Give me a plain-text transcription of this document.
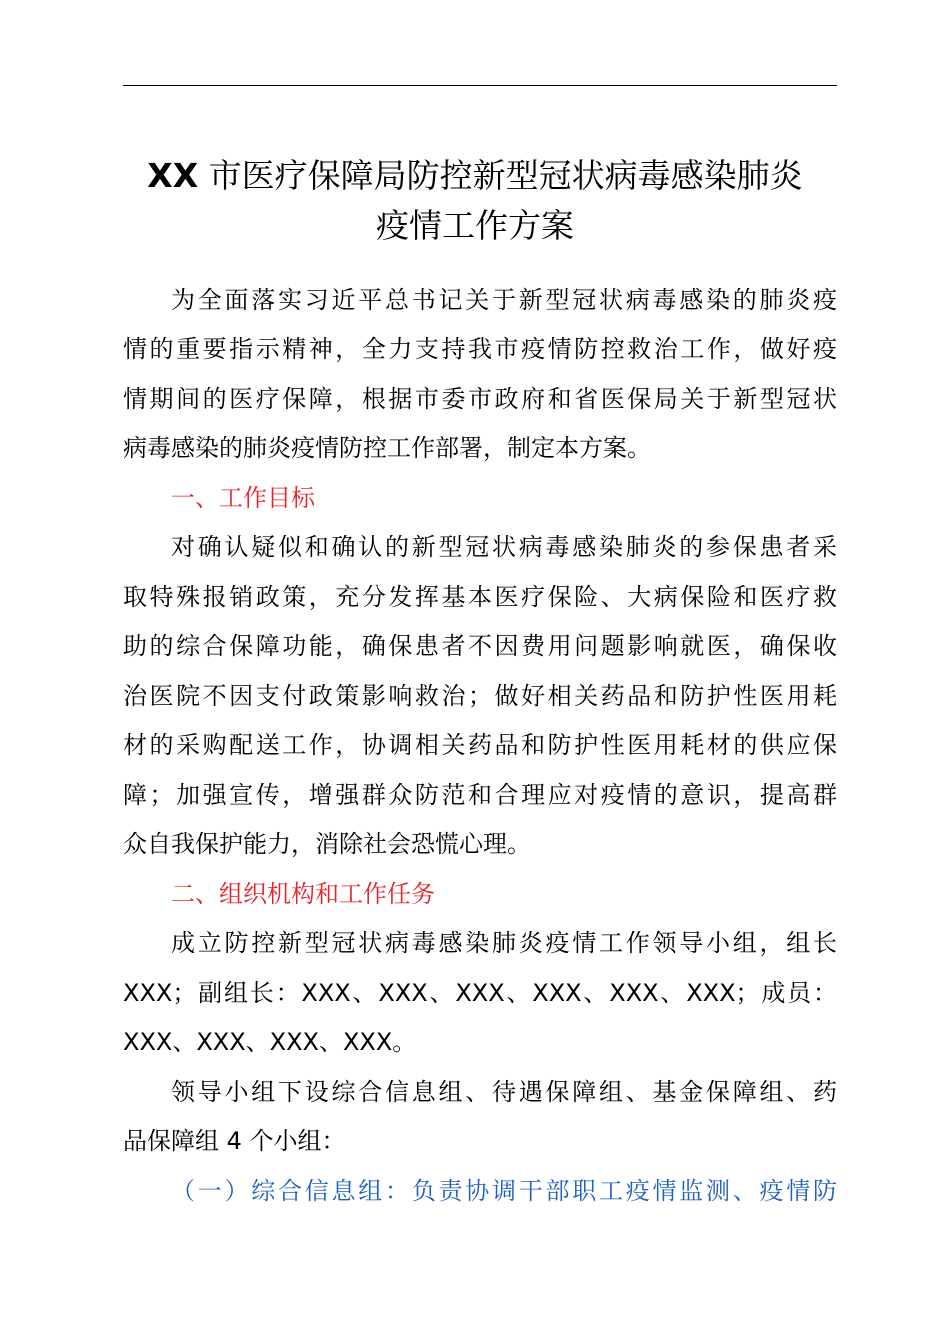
XX 市医疗保障局防控新型冠状病毒感染肺炎
疫情工作方案

为全面落实习近平总书记关于新型冠状病毒感染的肺炎疫

情的重要指示精神，全力支持我市疫情防控救治工作，做好疫

情期间的医疗保障，根据市委市政府和省医保局关于新型冠状

病毒感染的肺炎疫情防控工作部署，制定本方案。

一、工作目标

对确认疑似和确认的新型冠状病毒感染肺炎的参保患者采

取特殊报销政策，充分发挥基本医疗保险、大病保险和医疗救

助的综合保障功能，确保患者不因费用问题影响就医，确保收

治医院不因支付政策影响救治；做好相关药品和防护性医用耗

材的采购配送工作，协调相关药品和防护性医用耗材的供应保

障；加强宣传，增强群众防范和合理应对疫情的意识，提高群

众自我保护能力，消除社会恐慌心理。

二、组织机构和工作任务

成立防控新型冠状病毒感染肺炎疫情工作领导小组，组长

XXX；副组长：XXX、XXX、XXX、XXX、XXX、XXX；成员：

XXX、XXX、XXX、XXX。

领导小组下设综合信息组、待遇保障组、基金保障组、药

品保障组 4 个小组：

（一）综合信息组：负责协调干部职工疫情监测、疫情防
